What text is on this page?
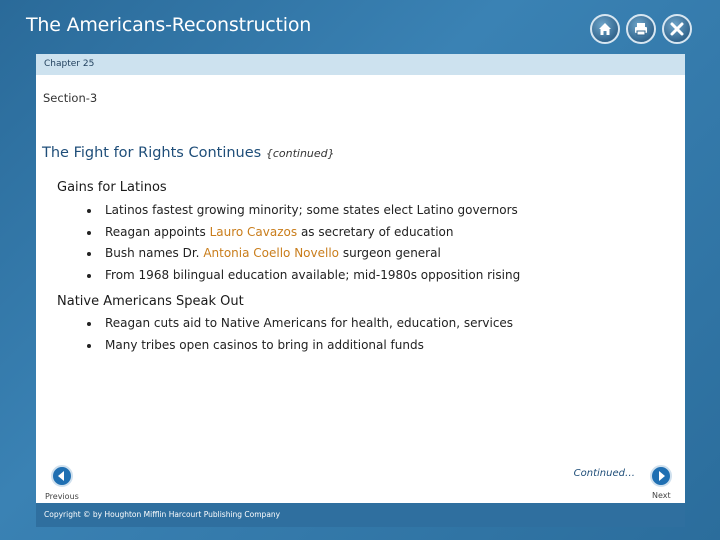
The Americans-Reconstruction
Chapter 25
Section-3
The Fight for Rights Continues {continued}
Gains for Latinos
Latinos fastest growing minority; some states elect Latino governors
Reagan appoints Lauro Cavazos as secretary of education
Bush names Dr. Antonia Coello Novello surgeon general
From 1968 bilingual education available; mid-1980s opposition rising
Native Americans Speak Out
Reagan cuts aid to Native Americans for health, education, services
Many tribes open casinos to bring in additional funds
Continued…
Previous	Next
Copyright © by Houghton Mifflin Harcourt Publishing Company
